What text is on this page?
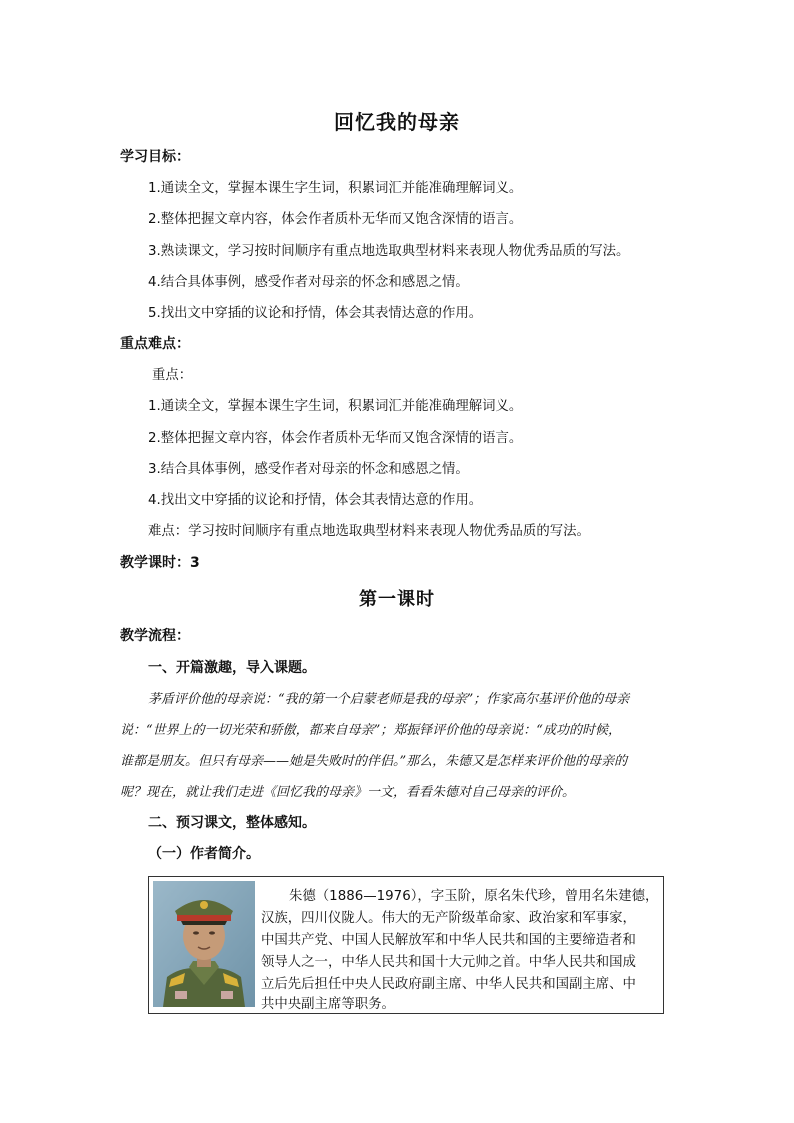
回忆我的母亲
学习目标：
1.通读全文，掌握本课生字生词，积累词汇并能准确理解词义。
2.整体把握文章内容，体会作者质朴无华而又饱含深情的语言。
3.熟读课文，学习按时间顺序有重点地选取典型材料来表现人物优秀品质的写法。
4.结合具体事例，感受作者对母亲的怀念和感恩之情。
5.找出文中穿插的议论和抒情，体会其表情达意的作用。
重点难点：
重点：
1.通读全文，掌握本课生字生词，积累词汇并能准确理解词义。
2.整体把握文章内容，体会作者质朴无华而又饱含深情的语言。
3.结合具体事例，感受作者对母亲的怀念和感恩之情。
4.找出文中穿插的议论和抒情，体会其表情达意的作用。
难点：学习按时间顺序有重点地选取典型材料来表现人物优秀品质的写法。
教学课时：3
第一课时
教学流程：
一、开篇激趣，导入课题。
茅盾评价他的母亲说：“我的第一个启蒙老师是我的母亲”；作家高尔基评价他的母亲
说：“世界上的一切光荣和骄傲，都来自母亲”；郑振铎评价他的母亲说：“成功的时候，
谁都是朋友。但只有母亲——她是失败时的伴侣。”那么，朱德又是怎样来评价他的母亲的
呢？现在，就让我们走进《回忆我的母亲》一文，看看朱德对自己母亲的评价。
二、预习课文，整体感知。
（一）作者简介。
朱德（1886—1976），字玉阶，原名朱代珍，曾用名朱建德，
汉族，四川仪陇人。伟大的无产阶级革命家、政治家和军事家，
中国共产党、中国人民解放军和中华人民共和国的主要缔造者和
领导人之一，中华人民共和国十大元帅之首。中华人民共和国成
立后先后担任中央人民政府副主席、中华人民共和国副主席、中
共中央副主席等职务。
